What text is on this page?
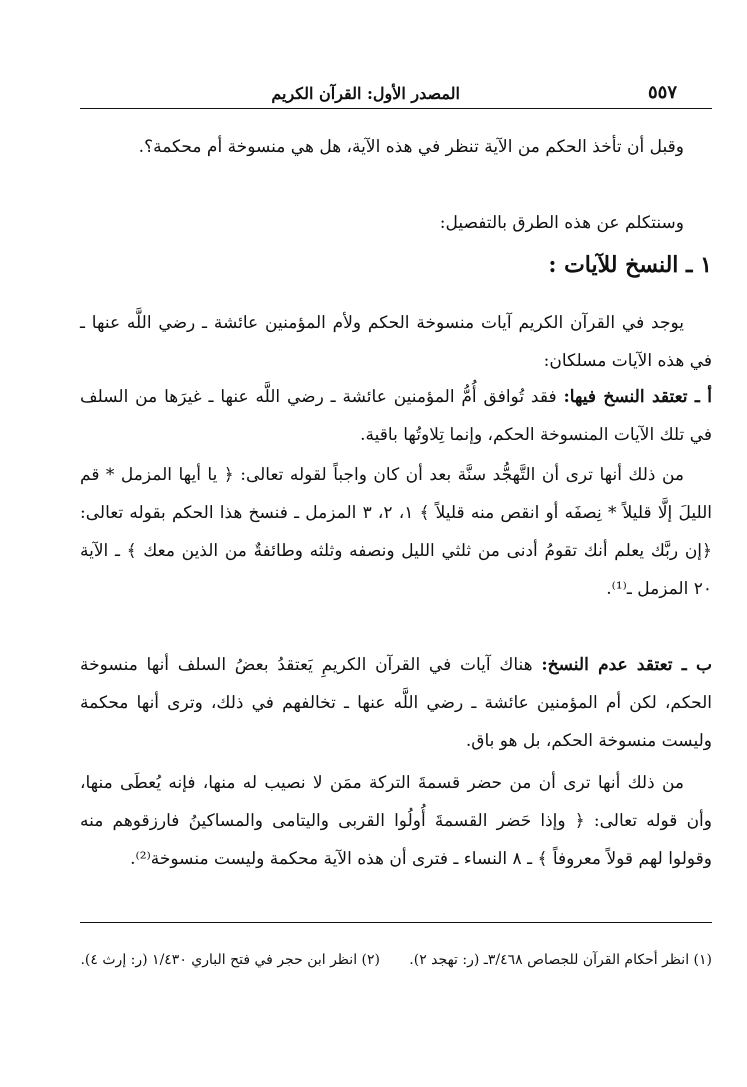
٥٥٧
المصدر الأول: القرآن الكريم

وقبل أن تأخذ الحكم من الآية تنظر في هذه الآية، هل هي منسوخة أم محكمة؟.

وسنتكلم عن هذه الطرق بالتفصيل:

١ ـ النسخ للآيات :

يوجد في القرآن الكريم آيات منسوخة الحكم ولأم المؤمنين عائشة ـ رضي اللَّه عنها ـ في هذه الآيات مسلكان:

أ ـ تعتقد النسخ فيها: فقد تُوافق أُمُّ المؤمنين عائشة ـ رضي اللَّه عنها ـ غيرَها من السلف في تلك الآيات المنسوخة الحكم، وإنما تِلاوتُها باقية.

من ذلك أنها ترى أن التَّهجُّد سنَّة بعد أن كان واجباً لقوله تعالى: ﴿ يا أيها المزمل * قم الليلَ إلَّا قليلاً * نِصفَه أو انقص منه قليلاً ﴾ ١، ٢، ٣ المزمل ـ فنسخ هذا الحكم بقوله تعالى: ﴿إن ربَّك يعلم أنك تقومُ أدنى من ثلثي الليل ونصفه وثلثه وطائفةٌ من الذين معك ﴾ ـ الآية ٢٠ المزمل ـ⁽¹⁾.

ب ـ تعتقد عدم النسخ: هناك آيات في القرآن الكريمِ يَعتقدُ بعضُ السلف أنها منسوخة الحكم، لكن أم المؤمنين عائشة ـ رضي اللَّه عنها ـ تخالفهم في ذلك، وترى أنها محكمة وليست منسوخة الحكم، بل هو باق.

من ذلك أنها ترى أن من حضر قسمةَ التركة ممَن لا نصيب له منها، فإنه يُعطَى منها، وأن قوله تعالى: ﴿ وإذا حَضر القسمةَ أُولُوا القربى واليتامى والمساكينُ فارزقوهم منه وقولوا لهم قولاً معروفاً ﴾ ـ ٨ النساء ـ فترى أن هذه الآية محكمة وليست منسوخة⁽²⁾.

(١) انظر أحكام القرآن للجصاص ٣/٤٦٨ـ (ر: تهجد ٢).

(٢) انظر ابن حجر في فتح الباري ١/٤٣٠ (ر: إرث ٤).
